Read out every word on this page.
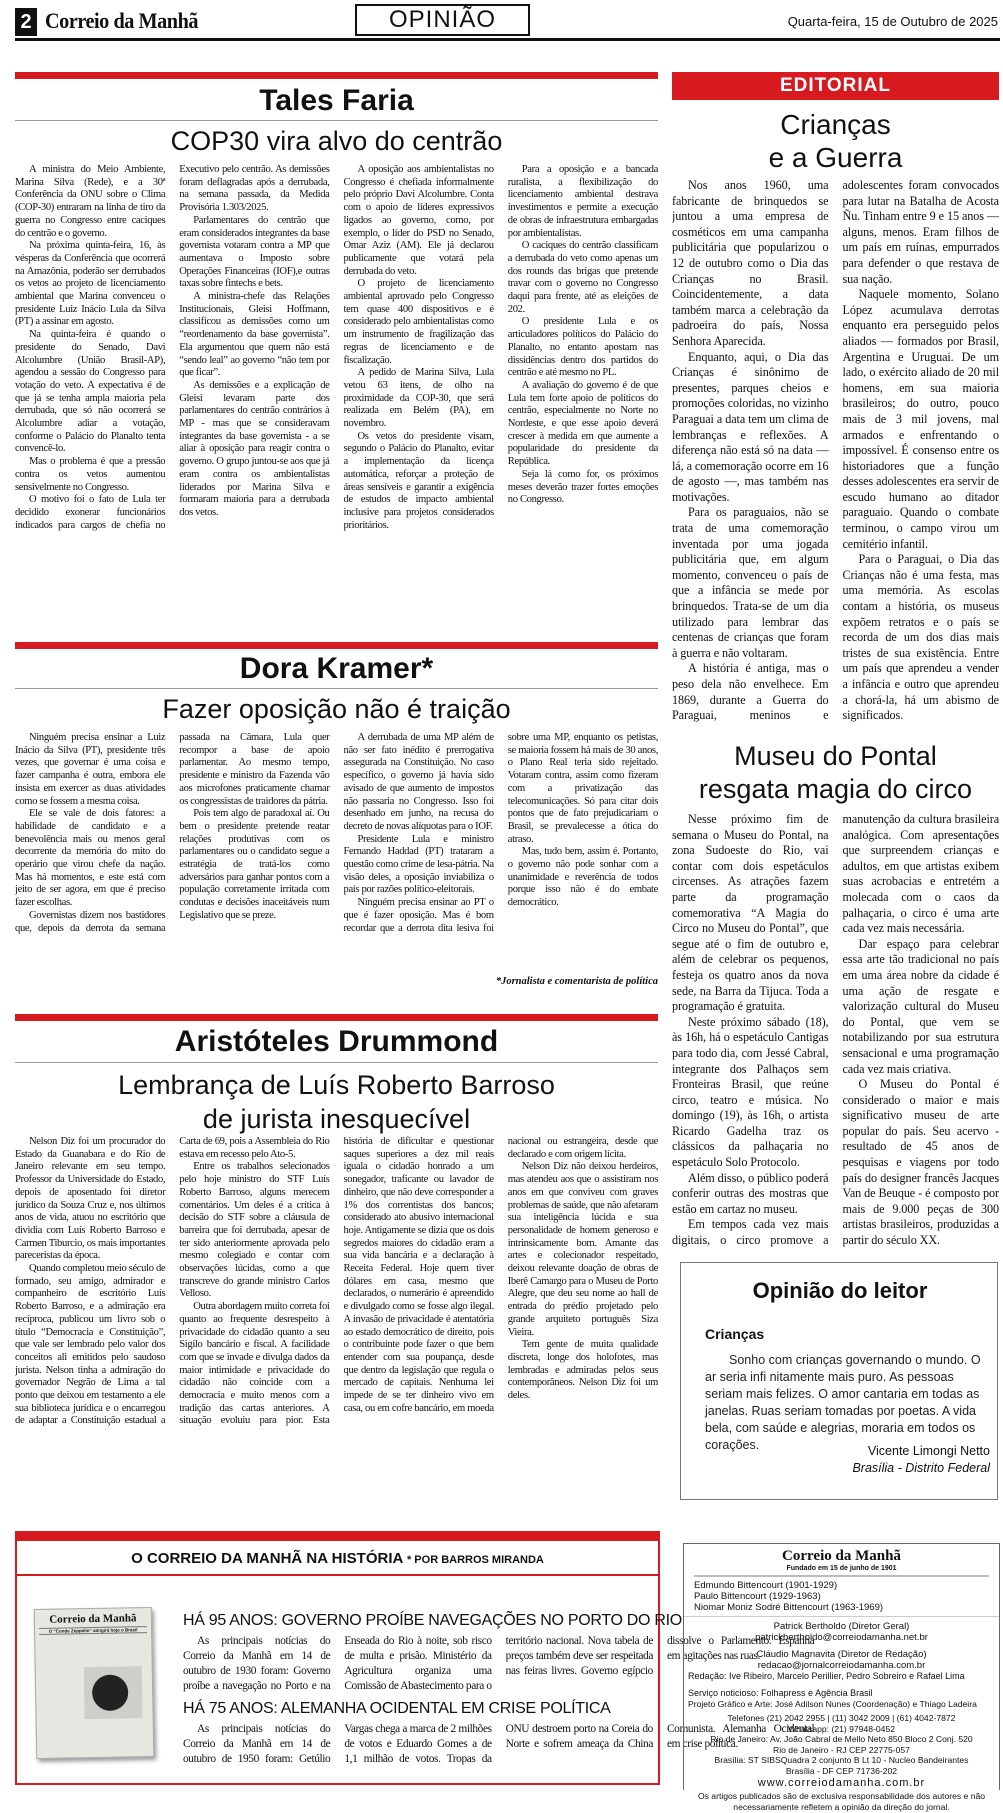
2 Correio da Manhã	OPINIÃO	Quarta-feira, 15 de Outubro de 2025
Tales Faria
COP30 vira alvo do centrão

A ministra do Meio Ambiente, Marina Silva (Rede), e a 30ª Conferência da ONU sobre o Clima (COP-30) entraram na linha de tiro da guerra no Congresso entre caciques do centrão e o governo.

Na próxima quinta-feira, 16, às vésperas da Conferência que ocorrerá na Amazônia, poderão ser derrubados os vetos ao projeto de licenciamento ambiental que Marina convenceu o presidente Luiz Inácio Lula da Silva (PT) a assinar em agosto.

Na quinta-feira é quando o presidente do Senado, Davi Alcolumbre (União Brasil-AP), agendou a sessão do Congresso para votação do veto. A expectativa é de que já se tenha ampla maioria pela derrubada, que só não ocorrerá se Alcolumbre adiar a votação, conforme o Palácio do Planalto tenta convencê-lo.

Mas o problema é que a pressão contra os vetos aumentou sensivelmente no Congresso.

O motivo foi o fato de Lula ter decidido exonerar funcionários indicados para cargos de chefia no Executivo pelo centrão. As demissões foram deflagradas após a derrubada, na semana passada, da Medida Provisória 1.303/2025.

Parlamentares do centrão que eram considerados integrantes da base governista votaram contra a MP que aumentava o Imposto sobre Operações Financeiras (IOF),e outras taxas sobre fintechs e bets.

A ministra-chefe das Relações Institucionais, Gleisi Hoffmann, classificou as demissões como um “reordenamento da base governista”. Ela argumentou que quem não está “sendo leal” ao governo “não tem por que ficar”.

As demissões e a explicação de Gleisi levaram parte dos parlamentares do centrão contrários à MP - mas que se consideravam integrantes da base governista - a se aliar à oposição para reagir contra o governo. O grupo juntou-se aos que já eram contra os ambientalistas liderados por Marina Silva e formaram maioria para a derrubada dos vetos.

A oposição aos ambientalistas no Congresso é chefiada informalmente pelo próprio Davi Alcolumbre. Conta com o apoio de líderes expressivos ligados ao governo, como, por exemplo, o líder do PSD no Senado, Omar Aziz (AM). Ele já declarou publicamente que votará pela derrubada do veto.

O projeto de licenciamento ambiental aprovado pelo Congresso tem quase 400 dispositivos e é considerado pelo ambientalistas como um instrumento de fragilização das regras de licenciamento e de fiscalização.

A pedido de Marina Silva, Lula vetou 63 itens, de olho na proximidade da COP-30, que será realizada em Belém (PA), em novembro.

Os vetos do presidente visam, segundo o Palácio do Planalto, evitar a implementação da licença automática, reforçar a proteção de áreas sensíveis e garantir a exigência de estudos de impacto ambiental inclusive para projetos considerados prioritários.

Para a oposição e a bancada ruralista, a flexibilização do licenciamento ambiental destrava investimentos e permite a execução de obras de infraestrutura embargadas por ambientalistas.

O caciques do centrão classificam a derrubada do veto como apenas um dos rounds das brigas que pretende travar com o governo no Congresso daqui para frente, até as eleições de 202.

O presidente Lula e os articuladores políticos do Palácio do Planalto, no entanto apostam nas dissidências dentro dos partidos do centrão e até mesmo no PL.

A avaliação do governo é de que Lula tem forte apoio de políticos do centrão, especialmente no Norte no Nordeste, e que esse apoio deverá crescer à medida em que aumente a popularidade do presidente da República.

Seja lá como for, os próximos meses deverão trazer fortes emoções no Congresso.

Dora Kramer*
Fazer oposição não é traição

Ninguém precisa ensinar a Luiz Inácio da Silva (PT), presidente três vezes, que governar é uma coisa e fazer campanha é outra, embora ele insista em exercer as duas atividades como se fossem a mesma coisa.

Ele se vale de dois fatores: a habilidade de candidato e a benevolência mais ou menos geral decorrente da memória do mito do operário que virou chefe da nação. Mas há momentos, e este está com jeito de ser agora, em que é preciso fazer escolhas.

Governistas dizem nos bastidores que, depois da derrota da semana passada na Câmara, Lula quer recompor a base de apoio parlamentar. Ao mesmo tempo, presidente e ministro da Fazenda vão aos microfones praticamente chamar os congressistas de traidores da pátria.

Pois tem algo de paradoxal aí. Ou bem o presidente pretende reatar relações produtivas com os parlamentares ou o candidato segue a estratégia de tratá-los como adversários para ganhar pontos com a população corretamente irritada com condutas e decisões inaceitáveis num Legislativo que se preze.

A derrubada de uma MP além de não ser fato inédito é prerrogativa assegurada na Constituição. No caso específico, o governo já havia sido avisado de que aumento de impostos não passaria no Congresso. Isso foi desenhado em junho, na recusa do decreto de novas alíquotas para o IOF.

Presidente Lula e ministro Fernando Haddad (PT) trataram a questão como crime de lesa-pátria. Na visão deles, a oposição inviabiliza o país por razões político-eleitorais.

Ninguém precisa ensinar ao PT o que é fazer oposição. Mas é bom recordar que a derrota dita lesiva foi sobre uma MP, enquanto os petistas, se maioria fossem há mais de 30 anos, o Plano Real teria sido rejeitado. Votaram contra, assim como fizeram com a privatização das telecomunicações. Só para citar dois pontos que de fato prejudicariam o Brasil, se prevalecesse a ótica do atraso.

Mas, tudo bem, assim é. Portanto, o governo não pode sonhar com a unanimidade e reverência de todos porque isso não é do embate democrático.

*Jornalista e comentarista de política
Aristóteles Drummond
Lembrança de Luís Roberto Barroso
de jurista inesquecível

Nelson Diz foi um procurador do Estado da Guanabara e do Rio de Janeiro relevante em seu tempo. Professor da Universidade do Estado, depois de aposentado foi diretor jurídico da Souza Cruz e, nos últimos anos de vida, atuou no escritório que dividia com Luís Roberto Barroso e Carmen Tiburcio, os mais importantes pareceristas da época.

Quando completou meio século de formado, seu amigo, admirador e companheiro de escritório Luís Roberto Barroso, e a admiração era recíproca, publicou um livro sob o título “Democracia e Constituição”, que vale ser lembrado pelo valor dos conceitos ali emitidos pelo saudoso jurista. Nelson tinha a admiração do governador Negrão de Lima a tal ponto que deixou em testamento a ele sua biblioteca jurídica e o encarregou de adaptar a Constituição estadual a Carta de 69, pois a Assembleia do Rio estava em recesso pelo Ato-5.

Entre os trabalhos selecionados pelo hoje ministro do STF Luís Roberto Barroso, alguns merecem comentários. Um deles é a crítica à decisão do STF sobre a cláusula de barreira que foi derrubada, apesar de ter sido anteriormente aprovada pelo mesmo colegiado e contar com observações lúcidas, como a que transcreve do grande ministro Carlos Velloso.

Outra abordagem muito correta foi quanto ao frequente desrespeito à privacidade do cidadão quanto a seu Sigilo bancário e fiscal. A facilidade com que se invade e divulga dados da maior intimidade e privacidade do cidadão não coincide com a democracia e muito menos com a tradição das cartas anteriores. A situação evoluiu para pior. Esta história de dificultar e questionar saques superiores a dez mil reais iguala o cidadão honrado a um sonegador, traficante ou lavador de dinheiro, que não deve corresponder a 1% dos correntistas dos bancos; considerado ato abusivo internacional hoje. Antigamente se dizia que os dois segredos maiores do cidadão eram a sua vida bancária e a declaração à Receita Federal. Hoje quem tiver dólares em casa, mesmo que declarados, o numerário é apreendido e divulgado como se fosse algo ilegal. A invasão de privacidade é atentatória ao estado democrático de direito, pois o contribuinte pode fazer o que bem entender com sua poupança, desde que dentro da legislação que regula o mercado de capitais. Nenhuma lei impede de se ter dinheiro vivo em casa, ou em cofre bancário, em moeda nacional ou estrangeira, desde que declarado e com origem lícita.

Nelson Diz não deixou herdeiros, mas atendeu aos que o assistiram nos anos em que conviveu com graves problemas de saúde, que não afetaram sua inteligência lúcida e sua personalidade de homem generoso e intrinsicamente bom. Amante das artes e colecionador respeitado, deixou relevante doação de obras de Iberê Camargo para o Museu de Porto Alegre, que deu seu nome ao hall de entrada do prédio projetado pelo grande arquiteto português Siza Vieira.

Tem gente de muita qualidade discreta, longe dos holofotes, mas lembradas e admiradas pelos seus contemporâneos. Nelson Diz foi um deles.

EDITORIAL
Crianças
e a Guerra

Nos anos 1960, uma fabricante de brinquedos se juntou a uma empresa de cosméticos em uma campanha publicitária que popularizou o 12 de outubro como o Dia das Crianças no Brasil. Coincidentemente, a data também marca a celebração da padroeira do país, Nossa Senhora Aparecida.

Enquanto, aqui, o Dia das Crianças é sinônimo de presentes, parques cheios e promoções coloridas, no vizinho Paraguai a data tem um clima de lembranças e reflexões. A diferença não está só na data — lá, a comemoração ocorre em 16 de agosto —, mas também nas motivações.

Para os paraguaios, não se trata de uma comemoração inventada por uma jogada publicitária que, em algum momento, convenceu o país de que a infância se mede por brinquedos. Trata-se de um dia utilizado para lembrar das centenas de crianças que foram à guerra e não voltaram.

A história é antiga, mas o peso dela não envelhece. Em 1869, durante a Guerra do Paraguai, meninos e adolescentes foram convocados para lutar na Batalha de Acosta Ñu. Tinham entre 9 e 15 anos — alguns, menos. Eram filhos de um país em ruínas, empurrados para defender o que restava de sua nação.

Naquele momento, Solano López acumulava derrotas enquanto era perseguido pelos aliados — formados por Brasil, Argentina e Uruguai. De um lado, o exército aliado de 20 mil homens, em sua maioria brasileiros; do outro, pouco mais de 3 mil jovens, mal armados e enfrentando o impossível. É consenso entre os historiadores que a função desses adolescentes era servir de escudo humano ao ditador paraguaio. Quando o combate terminou, o campo virou um cemitério infantil.

Para o Paraguai, o Dia das Crianças não é uma festa, mas uma memória. As escolas contam a história, os museus expõem retratos e o país se recorda de um dos dias mais tristes de sua existência. Entre um país que aprendeu a vender a infância e outro que aprendeu a chorá-la, há um abismo de significados.

Museu do Pontal
resgata magia do circo

Nesse próximo fim de semana o Museu do Pontal, na zona Sudoeste do Rio, vai contar com dois espetáculos circenses. As atrações fazem parte da programação comemorativa “A Magia do Circo no Museu do Pontal”, que segue até o fim de outubro e, além de celebrar os pequenos, festeja os quatro anos da nova sede, na Barra da Tijuca. Toda a programação é gratuita.

Neste próximo sábado (18), às 16h, há o espetáculo Cantigas para todo dia, com Jessé Cabral, integrante dos Palhaços sem Fronteiras Brasil, que reúne circo, teatro e música. No domingo (19), às 16h, o artista Ricardo Gadelha traz os clássicos da palhaçaria no espetáculo Solo Protocolo.

Além disso, o público poderá conferir outras des mostras que estão em cartaz no museu.

Em tempos cada vez mais digitais, o circo promove a manutenção da cultura brasileira analógica. Com apresentações que surpreendem crianças e adultos, em que artistas exibem suas acrobacias e entretém a molecada com o caos da palhaçaria, o circo é uma arte cada vez mais necessária.

Dar espaço para celebrar essa arte tão tradicional no país em uma área nobre da cidade é uma ação de resgate e valorização cultural do Museu do Pontal, que vem se notabilizando por sua estrutura sensacional e uma programação cada vez mais criativa.

O Museu do Pontal é considerado o maior e mais significativo museu de arte popular do país. Seu acervo - resultado de 45 anos de pesquisas e viagens por todo país do designer francês Jacques Van de Beuque - é composto por mais de 9.000 peças de 300 artistas brasileiros, produzidas a partir do século XX.

Opinião do leitor
Crianças
Sonho com crianças governando o mundo. O ar seria infi nitamente mais puro. As pessoas seriam mais felizes. O amor cantaria em todas as janelas. Ruas seriam tomadas por poetas. A vida bela, com saúde e alegrias, moraria em todos os corações.	Vicente Limongi Netto
Brasília - Distrito Federal
O CORREIO DA MANHÃ NA HISTÓRIA * POR BARROS MIRANDA
Correio da Manhã
O “Conde Zeppelin” atingirá hoje o Brasil
HÁ 95 ANOS: GOVERNO PROÍBE NAVEGAÇÕES NO PORTO DO RIO

As principais notícias do Correio da Manhã em 14 de outubro de 1930 foram: Governo proíbe a navegação no Porto e na Enseada do Rio à noite, sob risco de multa e prisão. Ministério da Agricultura organiza uma Comissão de Abastecimento para o território nacional. Nova tabela de preços também deve ser respeitada nas feiras livres. Governo egípcio dissolve o Parlamento. Espanha em agitações nas ruas.

HÁ 75 ANOS: ALEMANHA OCIDENTAL EM CRISE POLÍTICA

As principais notícias do Correio da Manhã em 14 de outubro de 1950 foram: Getúlio Vargas chega a marca de 2 milhões de votos e Eduardo Gomes a de 1,1 milhão de votos. Tropas da ONU destroem porto na Coreia do Norte e sofrem ameaça da China Comunista. Alemanha Ocidental em crise política.

Correio da Manhã
Fundado em 15 de junho de 1901
Edmundo Bittencourt (1901-1929)
Paulo Bittencourt (1929-1963)
Niomar Moniz Sodré Bittencourt (1963-1969)
Patrick Bertholdo (Diretor Geral)
patrickbertholdo@correiodamanha.net.br
Cláudio Magnavita (Diretor de Redação)
redacao@jornalcorreiodamanha.com.br
Redação: Ive Ribeiro, Marcelo Perillier, Pedro Sobreiro e Rafael Lima
Serviço noticioso: Folhapress e Agência Brasil
Projeto Gráfico e Arte: José Adilson Nunes (Coordenação) e Thiago Ladeira
Telefones (21) 2042 2955 | (11) 3042 2009 | (61) 4042-7872
Whatsapp: (21) 97948-0452
Rio de Janeiro: Av. João Cabral de Mello Neto 850 Bloco 2 Conj. 520
Rio de Janeiro - RJ CEP 22775-057
Brasília: ST SIBSQuadra 2 conjunto B Lt 10 - Nucleo Bandeirantes
Brasília - DF CEP 71736-202
www.correiodamanha.com.br
Os artigos publicados são de exclusiva responsabilidade dos autores e não necessariamente refletem a opinião da direção do jornal.
